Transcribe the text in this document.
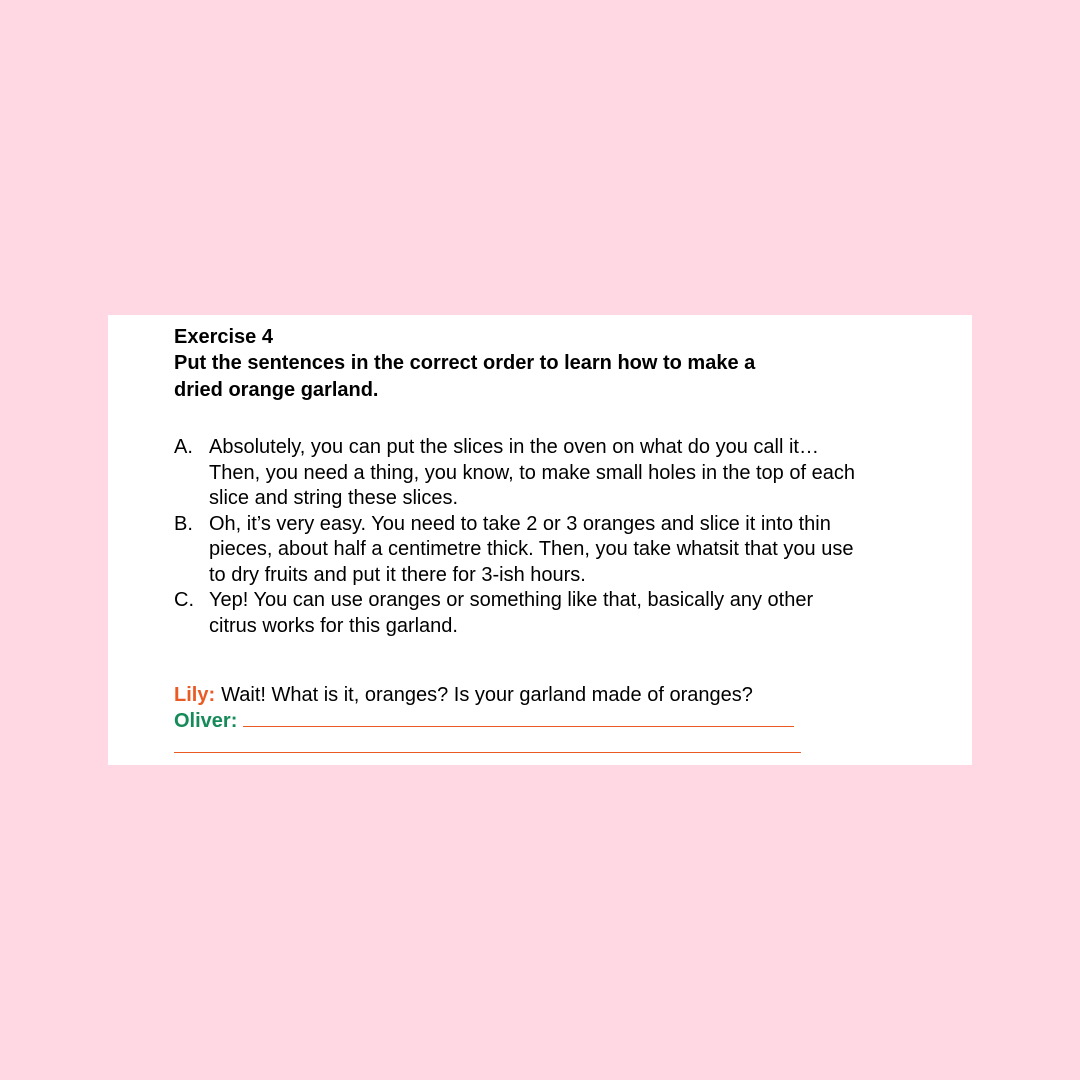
Exercise 4

Put the sentences in the correct order to learn how to make a dried orange garland.

A. Absolutely, you can put the slices in the oven on what do you call it…Then, you need a thing, you know, to make small holes in the top of each slice and string these slices.
B. Oh, it’s very easy. You need to take 2 or 3 oranges and slice it into thin pieces, about half a centimetre thick. Then, you take whatsit that you use to dry fruits and put it there for 3-ish hours.
C. Yep! You can use oranges or something like that, basically any other citrus works for this garland.
Lily: Wait! What is it, oranges? Is your garland made of oranges?
Oliver:
